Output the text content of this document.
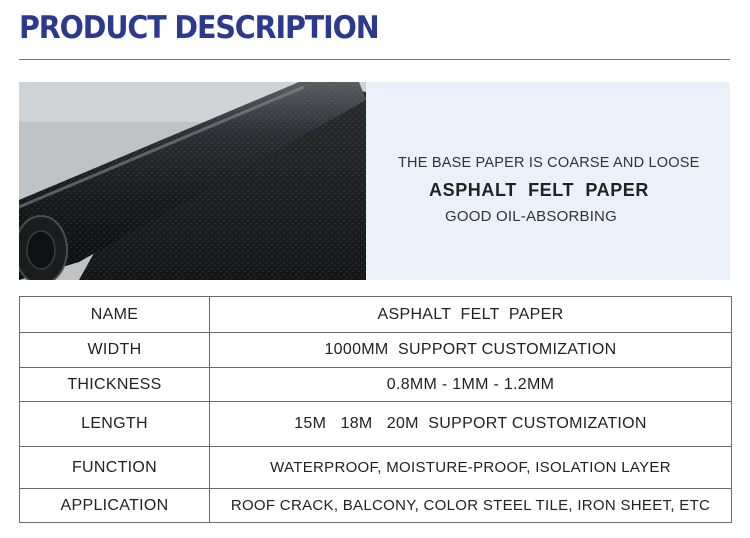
PRODUCT DESCRIPTION
THE BASE PAPER IS COARSE AND LOOSE
ASPHALT  FELT  PAPER
GOOD OIL-ABSORBING
NAME	ASPHALT  FELT  PAPER
WIDTH	1000MM  SUPPORT CUSTOMIZATION
THICKNESS	0.8MM - 1MM - 1.2MM
LENGTH	15M   18M   20M  SUPPORT CUSTOMIZATION
FUNCTION	WATERPROOF, MOISTURE-PROOF, ISOLATION LAYER
APPLICATION	ROOF CRACK, BALCONY, COLOR STEEL TILE, IRON SHEET, ETC
